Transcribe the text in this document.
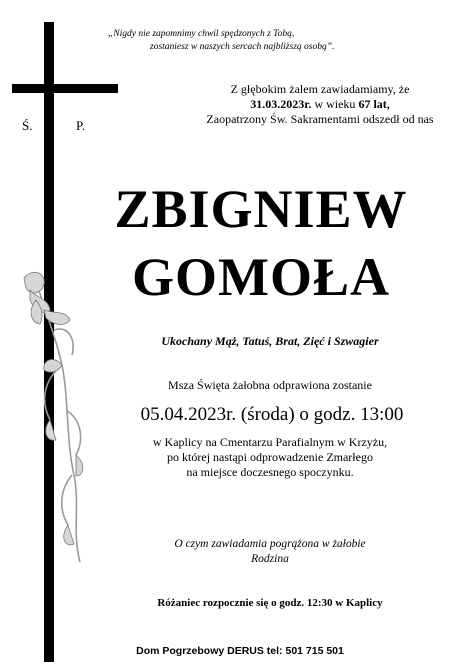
„Nigdy nie zapomnimy chwil spędzonych z Tobą,
zostaniesz w naszych sercach najbliższą osobą”.
Z głębokim żalem zawiadamiamy, że
31.03.2023r. w wieku 67 lat,
Zaopatrzony Św. Sakramentami odszedł od nas
Ś.	P.
ZBIGNIEW
GOMOŁA
Ukochany Mąż, Tatuś, Brat, Zięć i Szwagier
Msza Święta żałobna odprawiona zostanie
05.04.2023r. (środa) o godz. 13:00
w Kaplicy na Cmentarzu Parafialnym w Krzyżu,
po której nastąpi odprowadzenie Zmarłego
na miejsce doczesnego spoczynku.
O czym zawiadamia pogrążona w żałobie
Rodzina
Różaniec rozpocznie się o godz. 12:30 w Kaplicy
Dom Pogrzebowy DERUS tel: 501 715 501
